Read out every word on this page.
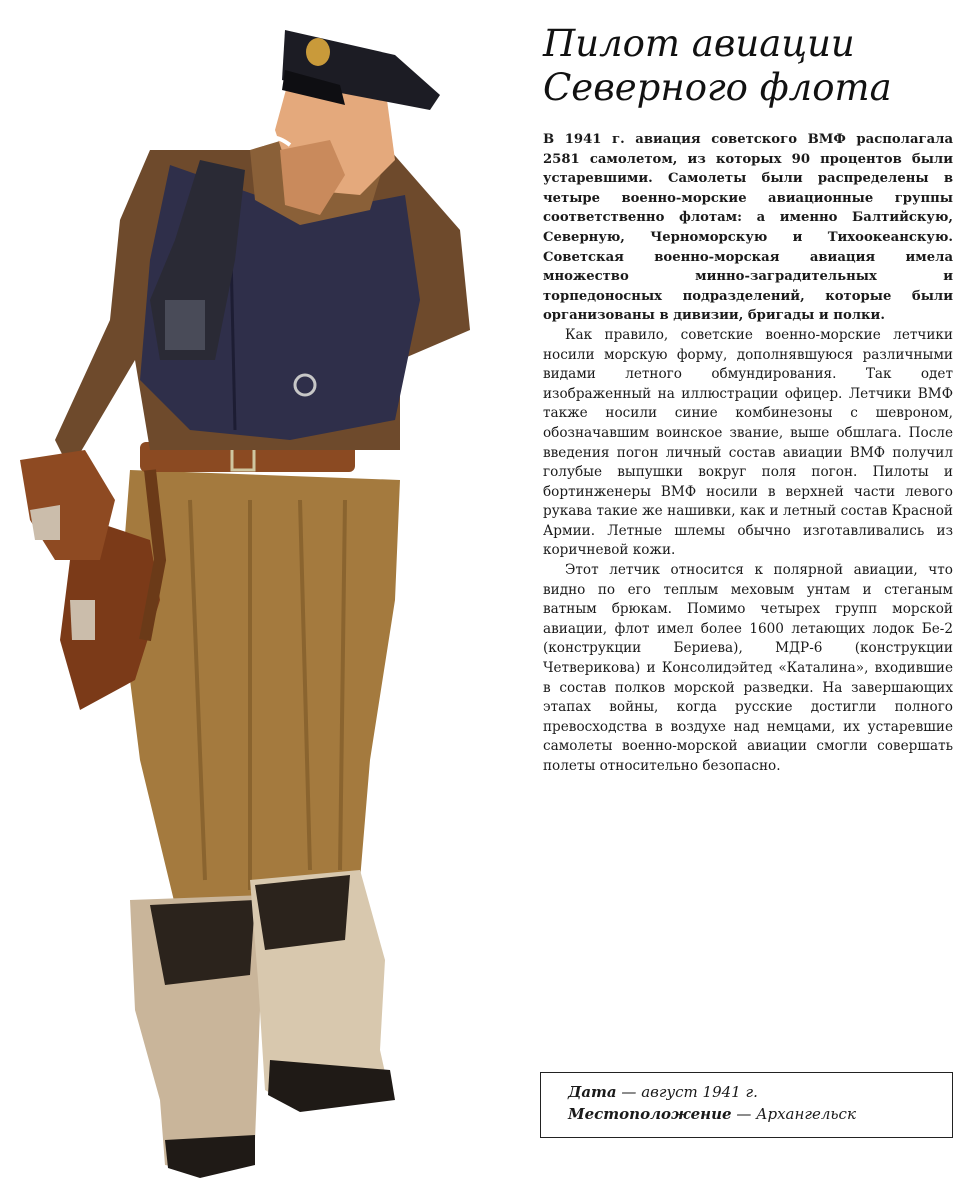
Пилот авиации
Северного флота

В 1941 г. авиация советского ВМФ располагала 2581 самолетом, из которых 90 процентов были устаревшими. Самолеты были распределены в четыре военно-морские авиационные группы соответственно флотам: а именно Балтийскую, Северную, Черноморскую и Тихоокеанскую. Советская военно-морская авиация имела множество минно-заградительных и торпедоносных подразделений, которые были организованы в дивизии, бригады и полки.

Как правило, советские военно-морские летчики носили морскую форму, дополнявшуюся различными видами летного обмундирования. Так одет изображенный на иллюстрации офицер. Летчики ВМФ также носили синие комбинезоны с шевроном, обозначавшим воинское звание, выше обшлага. После введения погон личный состав авиации ВМФ получил голубые выпушки вокруг поля погон. Пилоты и бортинженеры ВМФ носили в верхней части левого рукава такие же нашивки, как и летный состав Красной Армии. Летные шлемы обычно изготавливались из коричневой кожи.

Этот летчик относится к полярной авиации, что видно по его теплым меховым унтам и стеганым ватным брюкам. Помимо четырех групп морской авиации, флот имел более 1600 летающих лодок Бе-2 (конструкции Бериева), МДР-6 (конструкции Четверикова) и Консолидэйтед «Каталина», входившие в состав полков морской разведки. На завершающих этапах войны, когда русские достигли полного превосходства в воздухе над немцами, их устаревшие самолеты военно-морской авиации смогли совершать полеты относительно безопасно.

Дата — август 1941 г.
Местоположение — Архангельск
